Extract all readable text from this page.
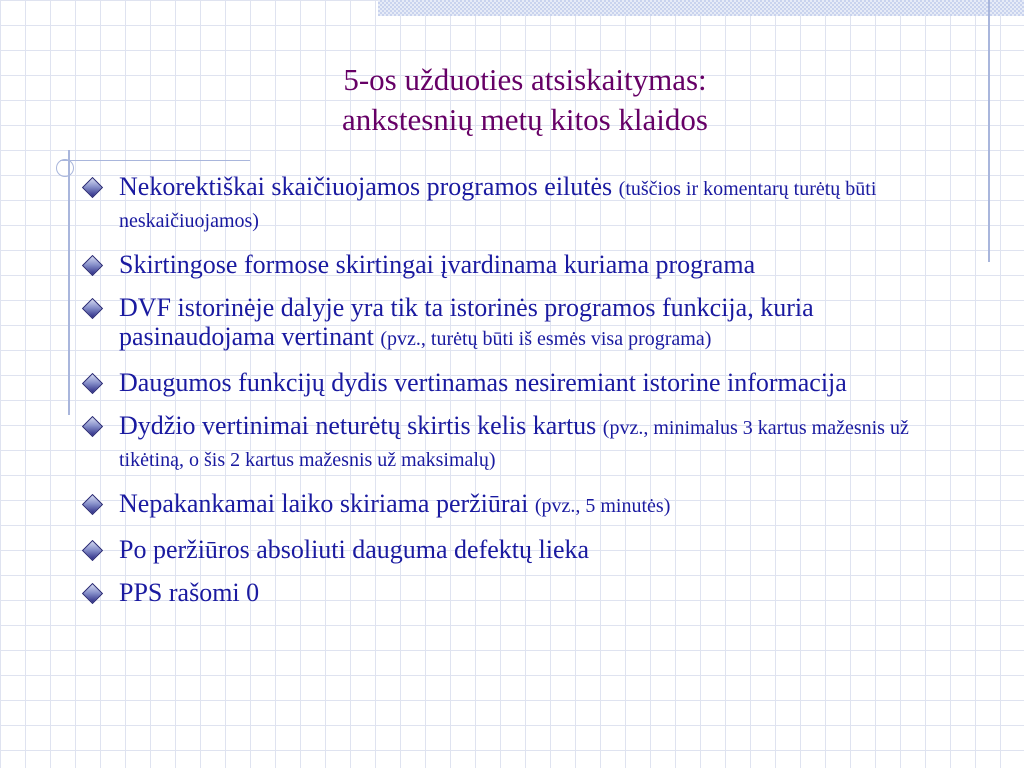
5-os užduoties atsiskaitymas:
ankstesnių metų kitos klaidos
Nekorektiškai skaičiuojamos programos eilutės (tuščios ir komentarų turėtų būti neskaičiuojamos)
Skirtingose formose skirtingai įvardinama kuriama programa
DVF istorinėje dalyje yra tik ta istorinės programos funkcija, kuria pasinaudojama vertinant (pvz., turėtų būti iš esmės visa programa)
Daugumos funkcijų dydis vertinamas nesiremiant istorine informacija
Dydžio vertinimai neturėtų skirtis kelis kartus (pvz., minimalus 3 kartus mažesnis už tikėtiną, o šis 2 kartus mažesnis už maksimalų)
Nepakankamai laiko skiriama peržiūrai (pvz., 5 minutės)
Po peržiūros absoliuti dauguma defektų lieka
PPS rašomi 0
